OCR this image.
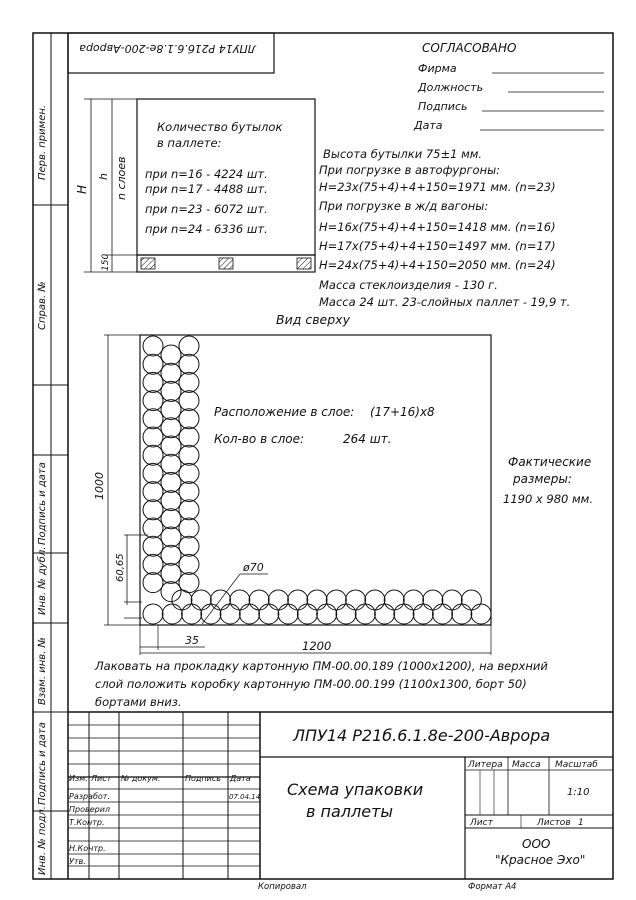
Перв. примен.
Справ. №
Подпись и дата
Инв. № дубл.
Взам. инв. №
Подпись и дата
Инв. № подл.
ЛПУ14 Р21б.6.1.8е-200-Аврора	СОГЛАСОВАНО
Фирма
Должность
Подпись
Дата
H
h n слоев
150
Количество бутылок
в паллете:
при n=16 - 4224 шт.
при n=17 - 4488 шт.
при n=23 - 6072 шт.
при n=24 - 6336 шт.
Высота бутылки 75±1 мм.
При погрузке в автофургоны:
H=23x(75+4)+4+150=1971 мм. (n=23)
При погрузке в ж/д вагоны:
H=16x(75+4)+4+150=1418 мм. (n=16)
H=17x(75+4)+4+150=1497 мм. (n=17)
H=24x(75+4)+4+150=2050 мм. (n=24)
Масса стеклоизделия - 130 г.
Масса 24 шт. 23-слойных паллет - 19,9 т.
Вид сверху
1000
60,65
35	1200
ø70
Расположение в слое: (17+16)x8
Кол-во в слое:	264 шт.
Фактические
размеры:
1190 x 980 мм.
Лаковать на прокладку картонную ПМ-00.00.189 (1000x1200), на верхний
слой положить коробку картонную ПМ-00.00.199 (1100x1300, борт 50)
бортами вниз.
ЛПУ14 Р21б.6.1.8е-200-Аврора
Изм. Лист № докум.	Подпись Дата
Разработ.	07.04.14
Проверил
Т.Контр.
Н.Контр.
Утв.
Схема упаковки
в паллеты
Литера Масса Масштаб
1:10
Лист	Листов 1
ООО
"Красное Эхо"
Копировал	Формат А4
